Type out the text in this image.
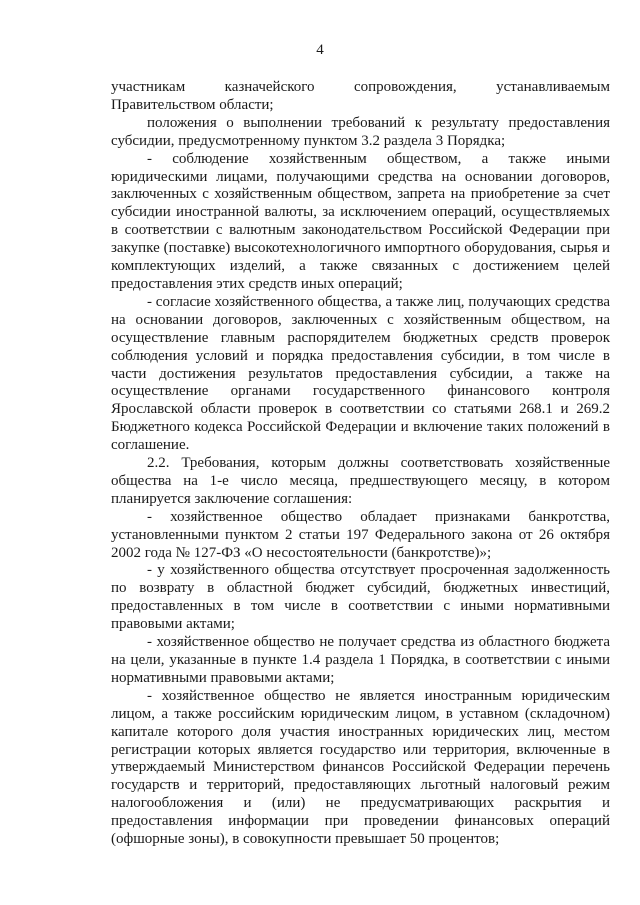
4

участникам казначейского сопровождения, устанавливаемым Правительством области;

положения о выполнении требований к результату предоставления субсидии, предусмотренному пунктом 3.2 раздела 3 Порядка;

- соблюдение хозяйственным обществом, а также иными юридическими лицами, получающими средства на основании договоров, заключенных с хозяйственным обществом, запрета на приобретение за счет субсидии иностранной валюты, за исключением операций, осуществляемых в соответствии с валютным законодательством Российской Федерации при закупке (поставке) высокотехнологичного импортного оборудования, сырья и комплектующих изделий, а также связанных с достижением целей предоставления этих средств иных операций;

- согласие хозяйственного общества, а также лиц, получающих средства на основании договоров, заключенных с хозяйственным обществом, на осуществление главным распорядителем бюджетных средств проверок соблюдения условий и порядка предоставления субсидии, в том числе в части достижения результатов предоставления субсидии, а также на осуществление органами государственного финансового контроля Ярославской области проверок в соответствии со статьями 268.1 и 269.2 Бюджетного кодекса Российской Федерации и включение таких положений в соглашение.

2.2. Требования, которым должны соответствовать хозяйственные общества на 1-е число месяца, предшествующего месяцу, в котором планируется заключение соглашения:

- хозяйственное общество обладает признаками банкротства, установленными пунктом 2 статьи 197 Федерального закона от 26 октября 2002 года № 127-ФЗ «О несостоятельности (банкротстве)»;

- у хозяйственного общества отсутствует просроченная задолженность по возврату в областной бюджет субсидий, бюджетных инвестиций, предоставленных в том числе в соответствии с иными нормативными правовыми актами;

- хозяйственное общество не получает средства из областного бюджета на цели, указанные в пункте 1.4 раздела 1 Порядка, в соответствии с иными нормативными правовыми актами;

- хозяйственное общество не является иностранным юридическим лицом, а также российским юридическим лицом, в уставном (складочном) капитале которого доля участия иностранных юридических лиц, местом регистрации которых является государство или территория, включенные в утверждаемый Министерством финансов Российской Федерации перечень государств и территорий, предоставляющих льготный налоговый режим налогообложения и (или) не предусматривающих раскрытия и предоставления информации при проведении финансовых операций (офшорные зоны), в совокупности превышает 50 процентов;
